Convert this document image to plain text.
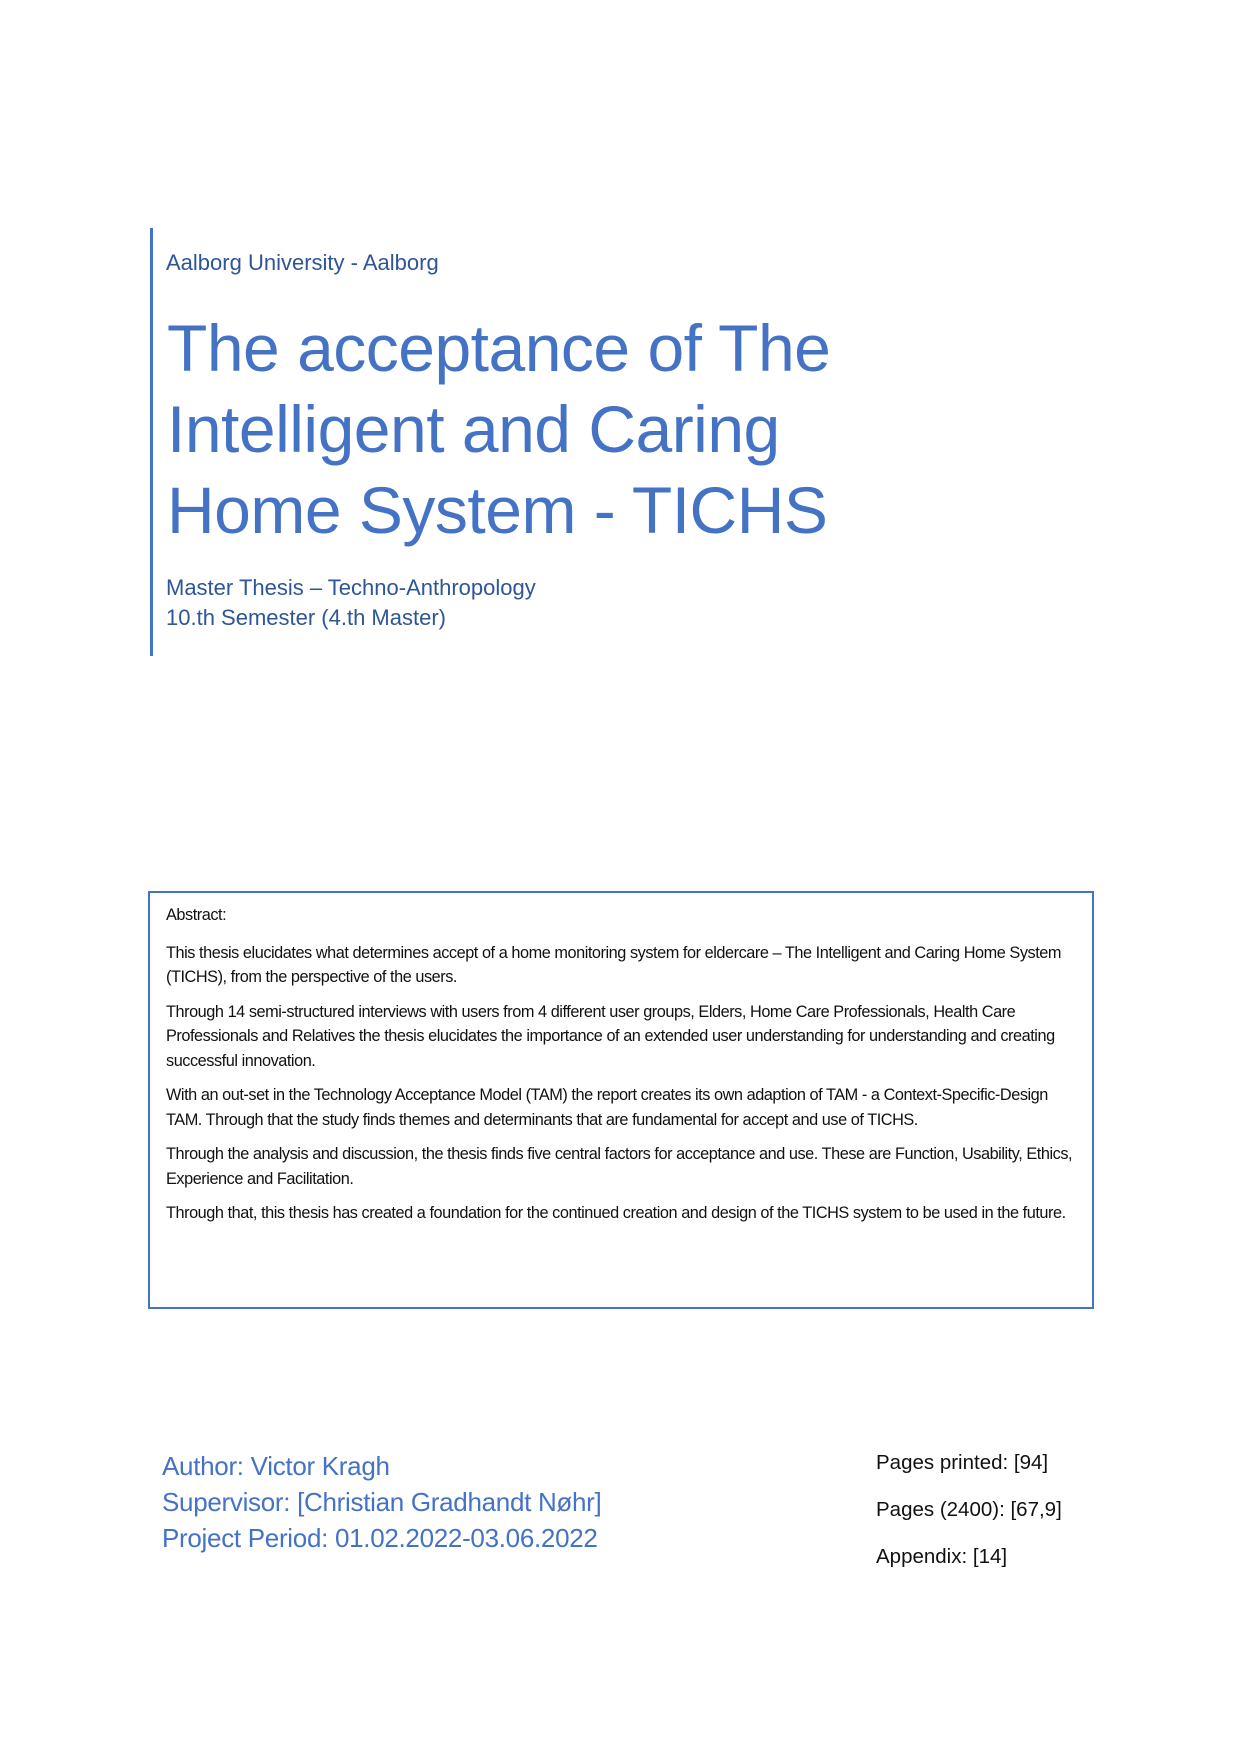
Aalborg University - Aalborg
The acceptance of The
Intelligent and Caring
Home System - TICHS
Master Thesis – Techno-Anthropology
10.th Semester (4.th Master)

Abstract:

This thesis elucidates what determines accept of a home monitoring system for eldercare – The Intelligent and Caring Home System (TICHS), from the perspective of the users.

Through 14 semi-structured interviews with users from 4 different user groups, Elders, Home Care Professionals, Health Care Professionals and Relatives the thesis elucidates the importance of an extended user understanding for understanding and creating successful innovation.

With an out-set in the Technology Acceptance Model (TAM) the report creates its own adaption of TAM - a Context-Specific-Design TAM. Through that the study finds themes and determinants that are fundamental for accept and use of TICHS.

Through the analysis and discussion, the thesis finds five central factors for acceptance and use. These are Function, Usability, Ethics, Experience and Facilitation.

Through that, this thesis has created a foundation for the continued creation and design of the TICHS system to be used in the future.

Author: Victor Kragh
Supervisor: [Christian Gradhandt Nøhr]
Project Period: 01.02.2022-03.06.2022
Pages printed: [94]
Pages (2400): [67,9]
Appendix: [14]
